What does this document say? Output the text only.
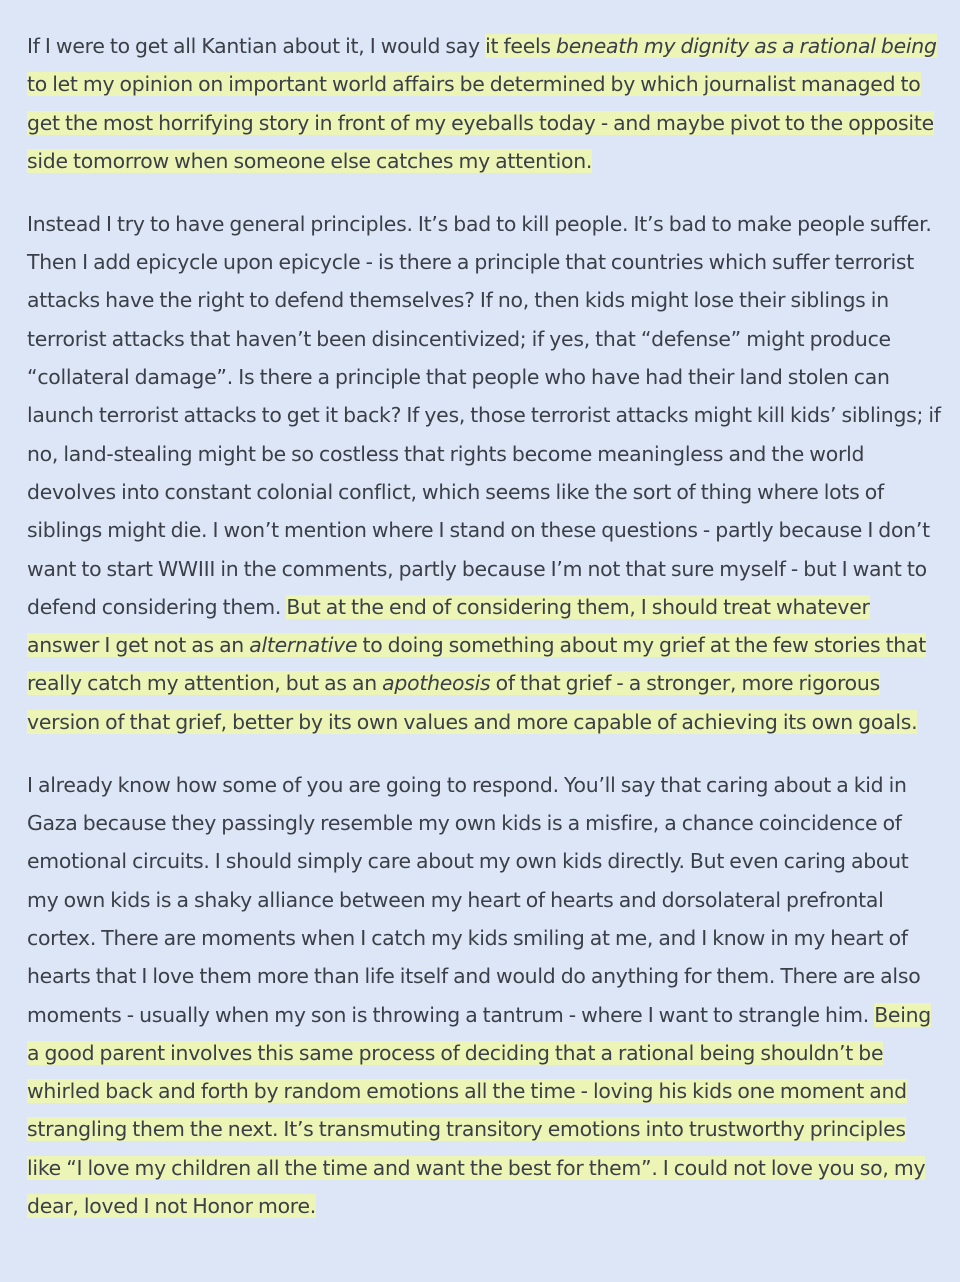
If I were to get all Kantian about it, I would say it feels beneath my dignity as a rational being to let my opinion on important world affairs be determined by which journalist managed to get the most horrifying story in front of my eyeballs today - and maybe pivot to the opposite side tomorrow when someone else catches my attention.

Instead I try to have general principles. It’s bad to kill people. It’s bad to make people suffer. Then I add epicycle upon epicycle - is there a principle that countries which suffer terrorist attacks have the right to defend themselves? If no, then kids might lose their siblings in terrorist attacks that haven’t been disincentivized; if yes, that “defense” might produce “collateral damage”. Is there a principle that people who have had their land stolen can launch terrorist attacks to get it back? If yes, those terrorist attacks might kill kids’ siblings; if no, land-stealing might be so costless that rights become meaningless and the world devolves into constant colonial conflict, which seems like the sort of thing where lots of siblings might die. I won’t mention where I stand on these questions - partly because I don’t want to start WWIII in the comments, partly because I’m not that sure myself - but I want to defend considering them. But at the end of considering them, I should treat whatever answer I get not as an alternative to doing something about my grief at the few stories that really catch my attention, but as an apotheosis of that grief - a stronger, more rigorous version of that grief, better by its own values and more capable of achieving its own goals.

I already know how some of you are going to respond. You’ll say that caring about a kid in Gaza because they passingly resemble my own kids is a misfire, a chance coincidence of emotional circuits. I should simply care about my own kids directly. But even caring about my own kids is a shaky alliance between my heart of hearts and dorsolateral prefrontal cortex. There are moments when I catch my kids smiling at me, and I know in my heart of hearts that I love them more than life itself and would do anything for them. There are also moments - usually when my son is throwing a tantrum - where I want to strangle him. Being a good parent involves this same process of deciding that a rational being shouldn’t be whirled back and forth by random emotions all the time - loving his kids one moment and strangling them the next. It’s transmuting transitory emotions into trustworthy principles like “I love my children all the time and want the best for them”. I could not love you so, my dear, loved I not Honor more.
